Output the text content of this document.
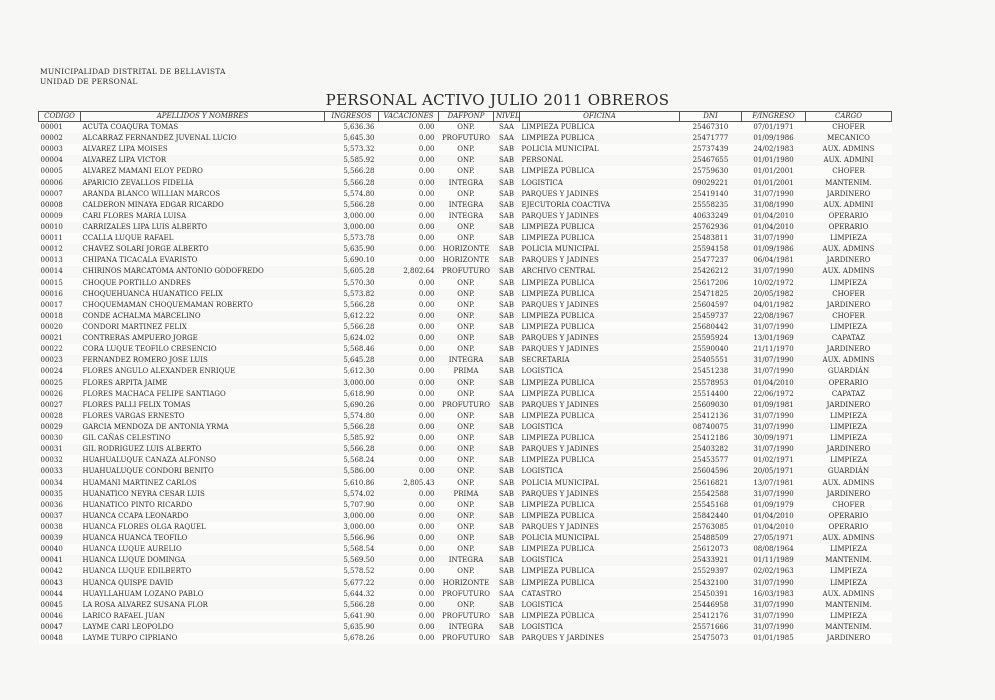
MUNICIPALIDAD DISTRITAL DE BELLAVISTA
UNIDAD DE PERSONAL
PERSONAL ACTIVO JULIO 2011 OBREROS
CODIGO	APELLIDOS Y NOMBRES	INGRESOS	VACACIONES	DAFPONP	NIVEL	OFICINA	DNI	F/INGRESO	CARGO
00001	ACUTA COAQURA TOMAS	5,636.36	0.00	ONP.	SAA	LIMPIEZA PUBLICA	25467310	07/01/1971	CHOFER
00002	ALCARRAZ FERNANDEZ JUVENAL LUCIO	5,645.30	0.00	PROFUTURO	SAA	LIMPIEZA PUBLICA	25471777	01/09/1986	MECANICO
00003	ALVAREZ LIPA MOISES	5,573.32	0.00	ONP.	SAB	POLICIA MUNICIPAL	25737439	24/02/1983	AUX. ADMINS
00004	ALVAREZ LIPA VICTOR	5,585.92	0.00	ONP.	SAB	PERSONAL	25467655	01/01/1980	AUX. ADMINI
00005	ALVAREZ MAMANI ELOY PEDRO	5,566.28	0.00	ONP.	SAB	LIMPIEZA PÚBLICA	25759630	01/01/2001	CHOFER
00006	APARICIO ZEVALLOS FIDELIA	5,566.28	0.00	INTEGRA	SAB	LOGISTICA	09029221	01/01/2001	MANTENIM.
00007	ARANDA BLANCO WILLIAN MARCOS	5,574.80	0.00	ONP.	SAB	PARQUES Y JADINES	25419140	31/07/1990	JARDINERO
00008	CALDERON MINAYA EDGAR RICARDO	5,566.28	0.00	INTEGRA	SAB	EJECUTORIA COACTIVA	25558235	31/08/1990	AUX. ADMINI
00009	CARI FLORES MARIA LUISA	3,000.00	0.00	INTEGRA	SAB	PARQUES Y JADINES	40633249	01/04/2010	OPERARIO
00010	CARRIZALES LIPA LUIS ALBERTO	3,000.00	0.00	ONP.	SAB	LIMPIEZA PUBLICA	25762936	01/04/2010	OPERARIO
00011	CCALLA LUQUE RAFAEL	5,573.78	0.00	ONP.	SAB	LIMPIEZA PUBLICA	25483811	31/07/1990	LIMPIEZA
00012	CHAVEZ SOLARI JORGE ALBERTO	5,635.90	0.00	HORIZONTE	SAB	POLICIA MUNICIPAL	25594158	01/09/1986	AUX. ADMINS
00013	CHIPANA TICACALA EVARISTO	5,690.10	0.00	HORIZONTE	SAB	PARQUES Y JADINES	25477237	06/04/1981	JARDINERO
00014	CHIRINOS MARCATOMA ANTONIO GODOFREDO	5,605.28	2,802.64	PROFUTURO	SAB	ARCHIVO CENTRAL	25426212	31/07/1990	AUX. ADMINS
00015	CHOQUE PORTILLO ANDRES	5,570.30	0.00	ONP.	SAB	LIMPIEZA PUBLICA	25617206	10/02/1972	LIMPIEZA
00016	CHOQUEHUANCA HUANATICO FELIX	5,573.82	0.00	ONP.	SAB	LIMPIEZA PUBLICA	25471825	20/05/1982	CHOFER
00017	CHOQUEMAMAN CHOQUEMAMAN ROBERTO	5,566.28	0.00	ONP.	SAB	PARQUES Y JADINES	25604597	04/01/1982	JARDINERO
00018	CONDE ACHALMA MARCELINO	5,612.22	0.00	ONP.	SAB	LIMPIEZA PUBLICA	25459737	22/08/1967	CHOFER
00020	CONDORI MARTINEZ FELIX	5,566.28	0.00	ONP.	SAB	LIMPIEZA PUBLICA	25680442	31/07/1990	LIMPIEZA
00021	CONTRERAS AMPUERO JORGE	5,624.02	0.00	ONP.	SAB	PARQUES Y JADINES	25595924	13/01/1969	CAPATAZ
00022	CORA LUQUE TEOFILO CRESENCIO	5,568.46	0.00	ONP.	SAB	PARQUES Y JADINES	25590040	21/11/1970	JARDINERO
00023	FERNANDEZ ROMERO JOSE LUIS	5,645.28	0.00	INTEGRA	SAB	SECRETARIA	25405551	31/07/1990	AUX. ADMINS
00024	FLORES ANGULO ALEXANDER ENRIQUE	5,612.30	0.00	PRIMA	SAB	LOGISTICA	25451238	31/07/1990	GUARDIÁN
00025	FLORES ARPITA JAIME	3,000.00	0.00	ONP.	SAB	LIMPIEZA PUBLICA	25578953	01/04/2010	OPERARIO
00026	FLORES MACHACA FELIPE SANTIAGO	5,618.90	0.00	ONP.	SAA	LIMPIEZA PUBLICA	25514400	22/06/1972	CAPATAZ
00027	FLORES PALLI FELIX TOMAS	5,690.26	0.00	PROFUTURO	SAB	PARQUES Y JADINES	25609030	01/09/1981	JARDINERO
00028	FLORES VARGAS ERNESTO	5,574.80	0.00	ONP.	SAB	LIMPIEZA PUBLICA	25412136	31/07/1990	LIMPIEZA
00029	GARCIA MENDOZA DE ANTONIA YRMA	5,566.28	0.00	ONP.	SAB	LOGISTICA	08740075	31/07/1990	LIMPIEZA
00030	GIL CAÑAS CELESTINO	5,585.92	0.00	ONP.	SAB	LIMPIEZA PUBLICA	25412186	30/09/1971	LIMPIEZA
00031	GIL RODRIGUEZ LUIS ALBERTO	5,566.28	0.00	ONP.	SAB	PARQUES Y JADINES	25403282	31/07/1990	JARDINERO
00032	HUAHUALUQUE CANAZA ALFONSO	5,568.24	0.00	ONP.	SAB	LIMPIEZA PUBLICA	25453577	01/02/1971	LIMPIEZA
00033	HUAHUALUQUE CONDORI BENITO	5,586.00	0.00	ONP.	SAB	LOGISTICA	25604596	20/05/1971	GUARDIÁN
00034	HUAMANI MARTINEZ CARLOS	5,610.86	2,805.43	ONP.	SAB	POLICIA MUNICIPAL	25616821	13/07/1981	AUX. ADMINS
00035	HUANATICO NEYRA CESAR LUIS	5,574.02	0.00	PRIMA	SAB	PARQUES Y JADINES	25542588	31/07/1990	JARDINERO
00036	HUANATICO PINTO RICARDO	5,707.90	0.00	ONP.	SAB	LIMPIEZA PUBLICA	25545168	01/09/1979	CHOFER
00037	HUANCA CCAPA LEONARDO	3,000.00	0.00	ONP.	SAB	LIMPIEZA PUBLICA	25842440	01/04/2010	OPERARIO
00038	HUANCA FLORES OLGA RAQUEL	3,000.00	0.00	ONP.	SAB	PARQUES Y JADINES	25763085	01/04/2010	OPERARIO
00039	HUANCA HUANCA TEOFILO	5,566.96	0.00	ONP.	SAB	POLICIA MUNICIPAL	25488509	27/05/1971	AUX. ADMINS
00040	HUANCA LUQUE AURELIO	5,568.54	0.00	ONP.	SAB	LIMPIEZA PUBLICA	25612073	08/08/1964	LIMPIEZA
00041	HUANCA LUQUE DOMINGA	5,569.50	0.00	INTEGRA	SAB	LOGISTICA	25433921	01/11/1989	MANTENIM.
00042	HUANCA LUQUE EDILBERTO	5,578.52	0.00	ONP.	SAB	LIMPIEZA PUBLICA	25529397	02/02/1963	LIMPIEZA
00043	HUANCA QUISPE DAVID	5,677.22	0.00	HORIZONTE	SAB	LIMPIEZA PUBLICA	25432100	31/07/1990	LIMPIEZA
00044	HUAYLLAHUAM LOZANO PABLO	5,644.32	0.00	PROFUTURO	SAA	CATASTRO	25450391	16/03/1983	AUX. ADMINS
00045	LA ROSA ALVAREZ SUSANA FLOR	5,566.28	0.00	ONP.	SAB	LOGISTICA	25446958	31/07/1990	MANTENIM.
00046	LARICO RAFAEL JUAN	5,641.90	0.00	PROFUTURO	SAB	LIMPIEZA PÚBLICA	25412176	31/07/1990	LIMPIEZA
00047	LAYME CARI LEOPOLDO	5,635.90	0.00	INTEGRA	SAB	LOGISTICA	25571666	31/07/1990	MANTENIM.
00048	LAYME TURPO CIPRIANO	5,678.26	0.00	PROFUTURO	SAB	PARQUES Y JARDINES	25475073	01/01/1985	JARDINERO
